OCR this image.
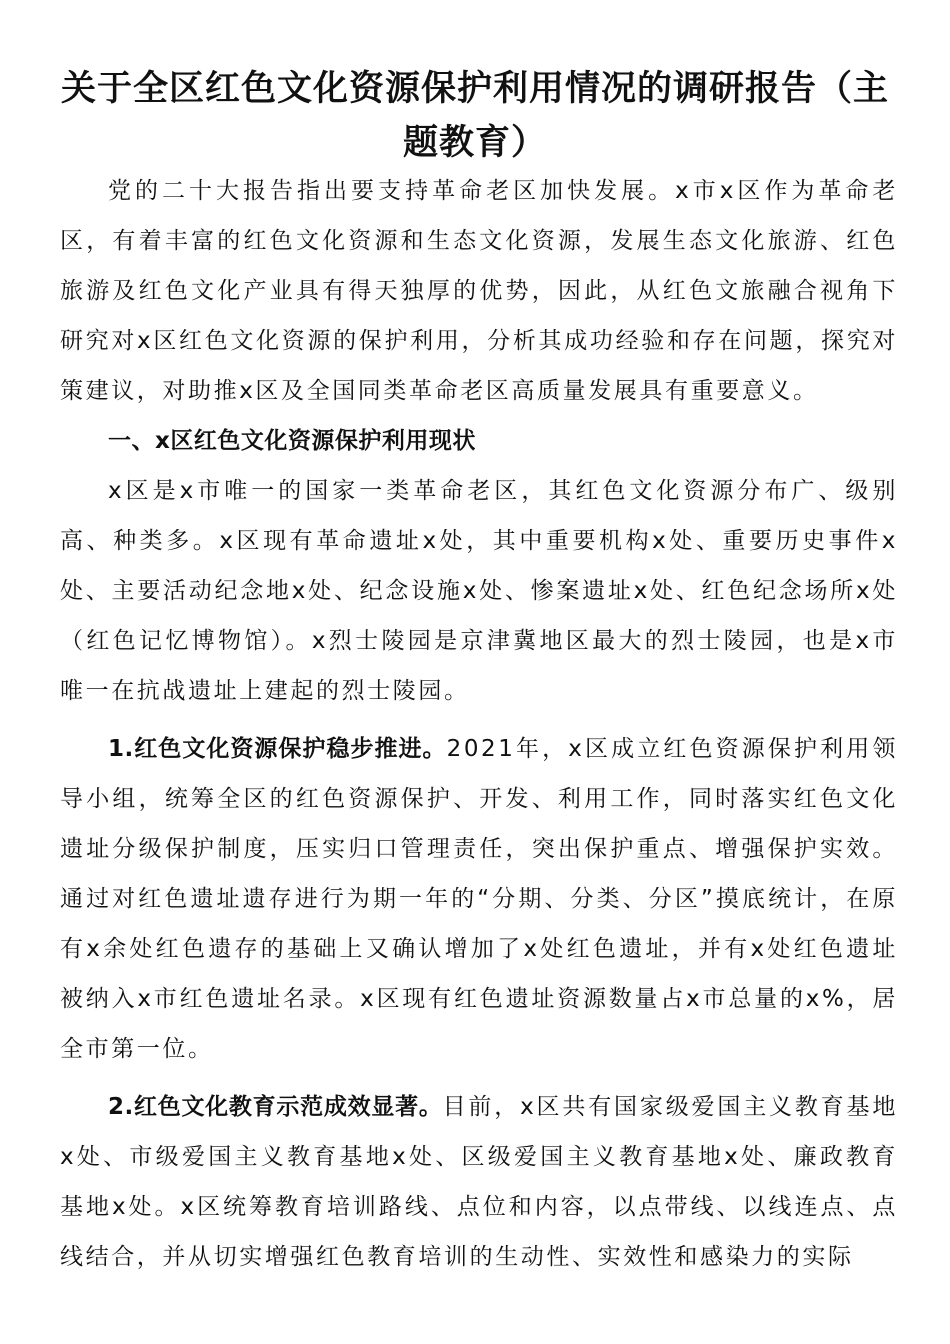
关于全区红色文化资源保护利用情况的调研报告（主题教育）

党的二十大报告指出要支持革命老区加快发展。x市x区作为革命老区，有着丰富的红色文化资源和生态文化资源，发展生态文化旅游、红色旅游及红色文化产业具有得天独厚的优势，因此，从红色文旅融合视角下研究对x区红色文化资源的保护利用，分析其成功经验和存在问题，探究对策建议，对助推x区及全国同类革命老区高质量发展具有重要意义。

一、x区红色文化资源保护利用现状

x区是x市唯一的国家一类革命老区，其红色文化资源分布广、级别高、种类多。x区现有革命遗址x处，其中重要机构x处、重要历史事件x处、主要活动纪念地x处、纪念设施x处、惨案遗址x处、红色纪念场所x处（红色记忆博物馆）。x烈士陵园是京津冀地区最大的烈士陵园，也是x市唯一在抗战遗址上建起的烈士陵园。

1.红色文化资源保护稳步推进。2021年，x区成立红色资源保护利用领导小组，统筹全区的红色资源保护、开发、利用工作，同时落实红色文化遗址分级保护制度，压实归口管理责任，突出保护重点、增强保护实效。通过对红色遗址遗存进行为期一年的“分期、分类、分区”摸底统计，在原有x余处红色遗存的基础上又确认增加了x处红色遗址，并有x处红色遗址被纳入x市红色遗址名录。x区现有红色遗址资源数量占x市总量的x%，居全市第一位。

2.红色文化教育示范成效显著。目前，x区共有国家级爱国主义教育基地x处、市级爱国主义教育基地x处、区级爱国主义教育基地x处、廉政教育基地x处。x区统筹教育培训路线、点位和内容，以点带线、以线连点、点线结合，并从切实增强红色教育培训的生动性、实效性和感染力的实际
